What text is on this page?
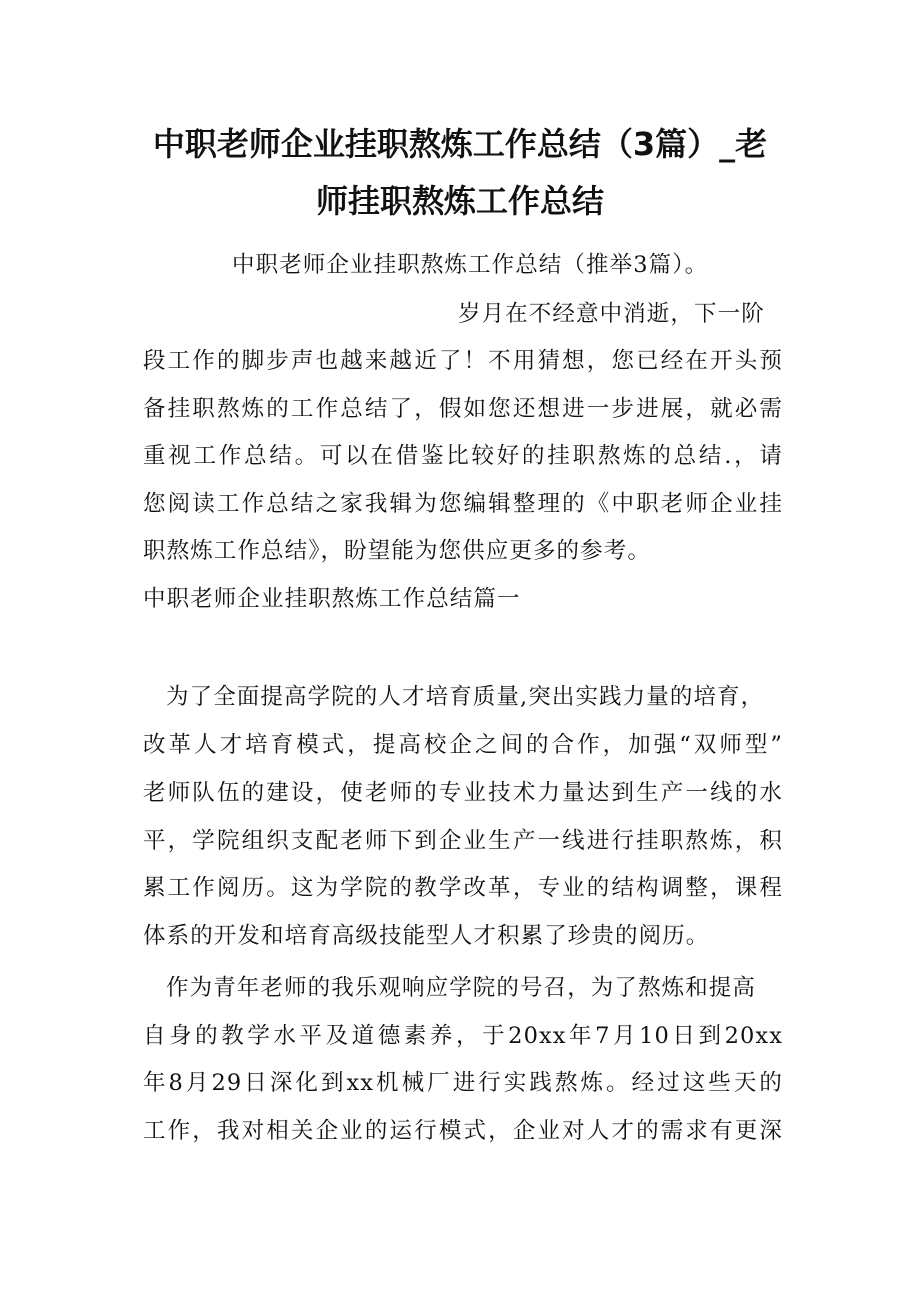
中职老师企业挂职熬炼工作总结（3篇）_老
师挂职熬炼工作总结
中职老师企业挂职熬炼工作总结（推举3篇）。
岁月在不经意中消逝，下一阶
段工作的脚步声也越来越近了！不用猜想，您已经在开头预
备挂职熬炼的工作总结了，假如您还想进一步进展，就必需
重视工作总结。可以在借鉴比较好的挂职熬炼的总结.，请
您阅读工作总结之家我辑为您编辑整理的《中职老师企业挂
职熬炼工作总结》，盼望能为您供应更多的参考。
中职老师企业挂职熬炼工作总结篇一
为了全面提高学院的人才培育质量,突出实践力量的培育，
改革人才培育模式，提高校企之间的合作，加强“双师型”
老师队伍的建设，使老师的专业技术力量达到生产一线的水
平，学院组织支配老师下到企业生产一线进行挂职熬炼，积
累工作阅历。这为学院的教学改革，专业的结构调整，课程
体系的开发和培育高级技能型人才积累了珍贵的阅历。
作为青年老师的我乐观响应学院的号召，为了熬炼和提高
自身的教学水平及道德素养，于20xx年7月10日到20xx
年8月29日深化到xx机械厂进行实践熬炼。经过这些天的
工作，我对相关企业的运行模式，企业对人才的需求有更深
